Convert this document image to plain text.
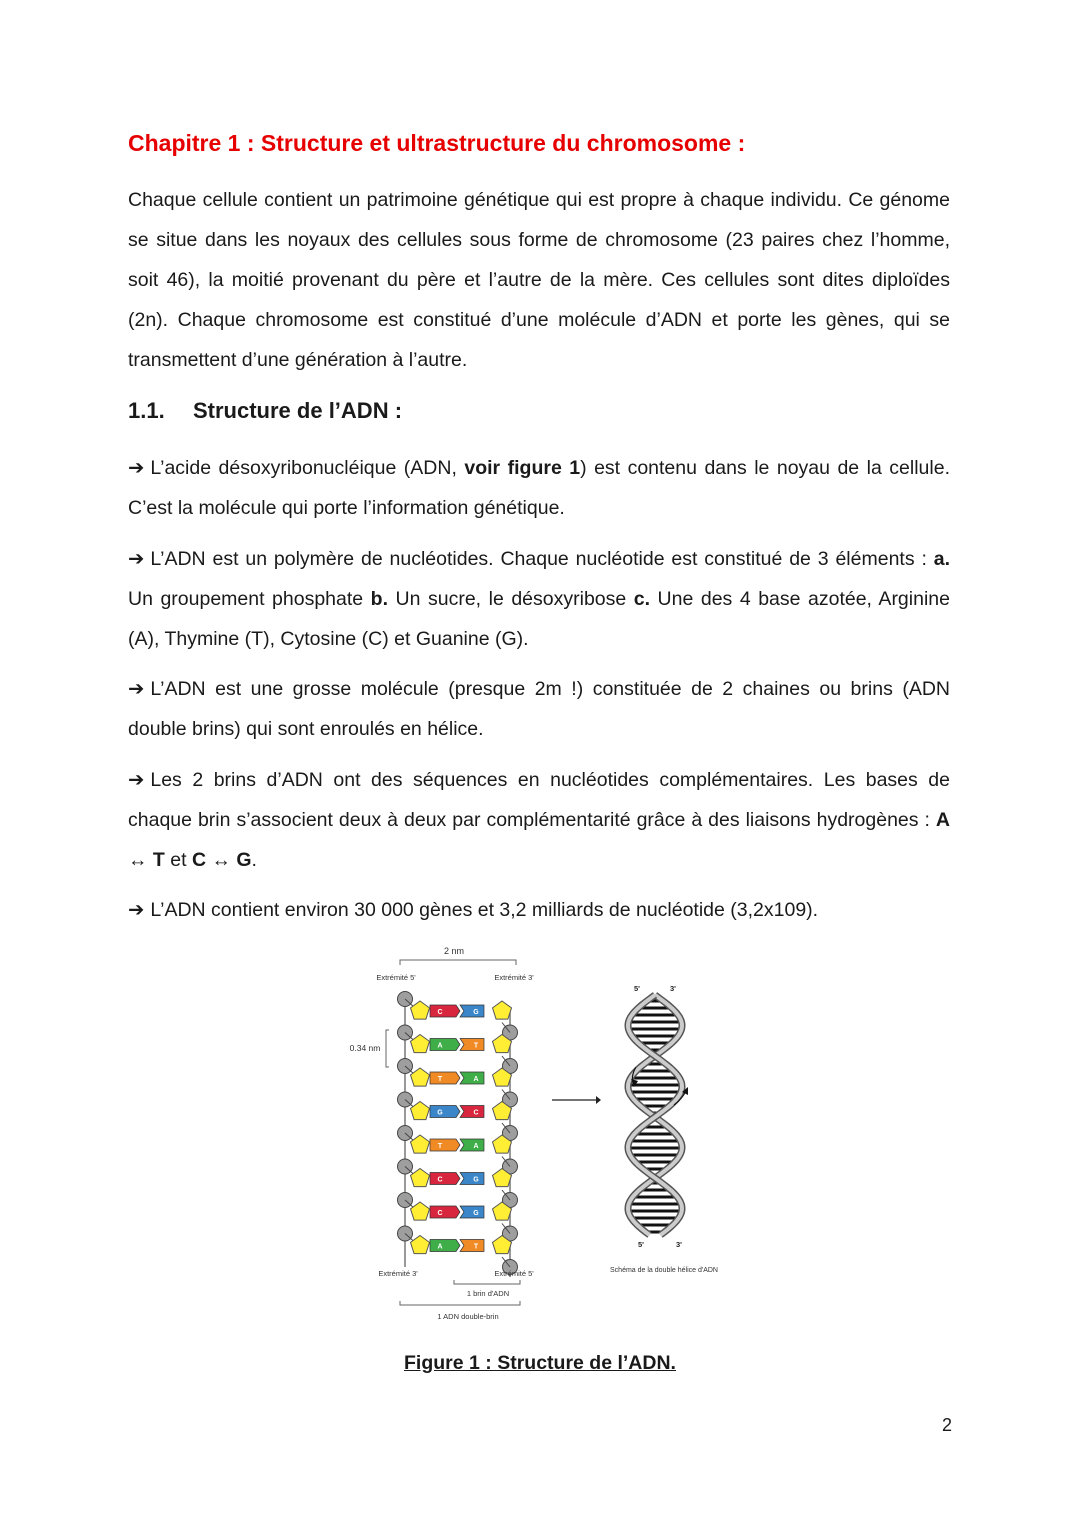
Chapitre 1 : Structure et ultrastructure du chromosome :

Chaque cellule contient un patrimoine génétique qui est propre à chaque individu. Ce génome se situe dans les noyaux des cellules sous forme de chromosome (23 paires chez l’homme, soit 46), la moitié provenant du père et l’autre de la mère. Ces cellules sont dites diploïdes (2n). Chaque chromosome est constitué d’une molécule d’ADN et porte les gènes, qui se transmettent d’une génération à l’autre.

1.1. Structure de l’ADN :

➔ L’acide désoxyribonucléique (ADN, voir figure 1) est contenu dans le noyau de la cellule. C’est la molécule qui porte l’information génétique.

➔ L’ADN est un polymère de nucléotides. Chaque nucléotide est constitué de 3 éléments : a. Un groupement phosphate b. Un sucre, le désoxyribose c. Une des 4 base azotée, Arginine (A), Thymine (T), Cytosine (C) et Guanine (G).

➔ L’ADN est une grosse molécule (presque 2m !) constituée de 2 chaines ou brins (ADN double brins) qui sont enroulés en hélice.

➔ Les 2 brins d’ADN ont des séquences en nucléotides complémentaires. Les bases de chaque brin s’associent deux à deux par complémentarité grâce à des liaisons hydrogènes : A ↔ T et C ↔ G.

➔ L’ADN contient environ 30 000 gènes et 3,2 milliards de nucléotide (3,2x109).

2 nm
Extrémité 5'	Extrémité 3'
0.34 nm
C	G
A	T
T	A
G	C
T	A
C	G
C	G
A	T
Extrémité 3'	Extrémité 5'
1 brin d'ADN
1 ADN double-brin
5'	3'
5'	3'
Schéma de la double hélice d'ADN

Figure 1 : Structure de l’ADN.

2
